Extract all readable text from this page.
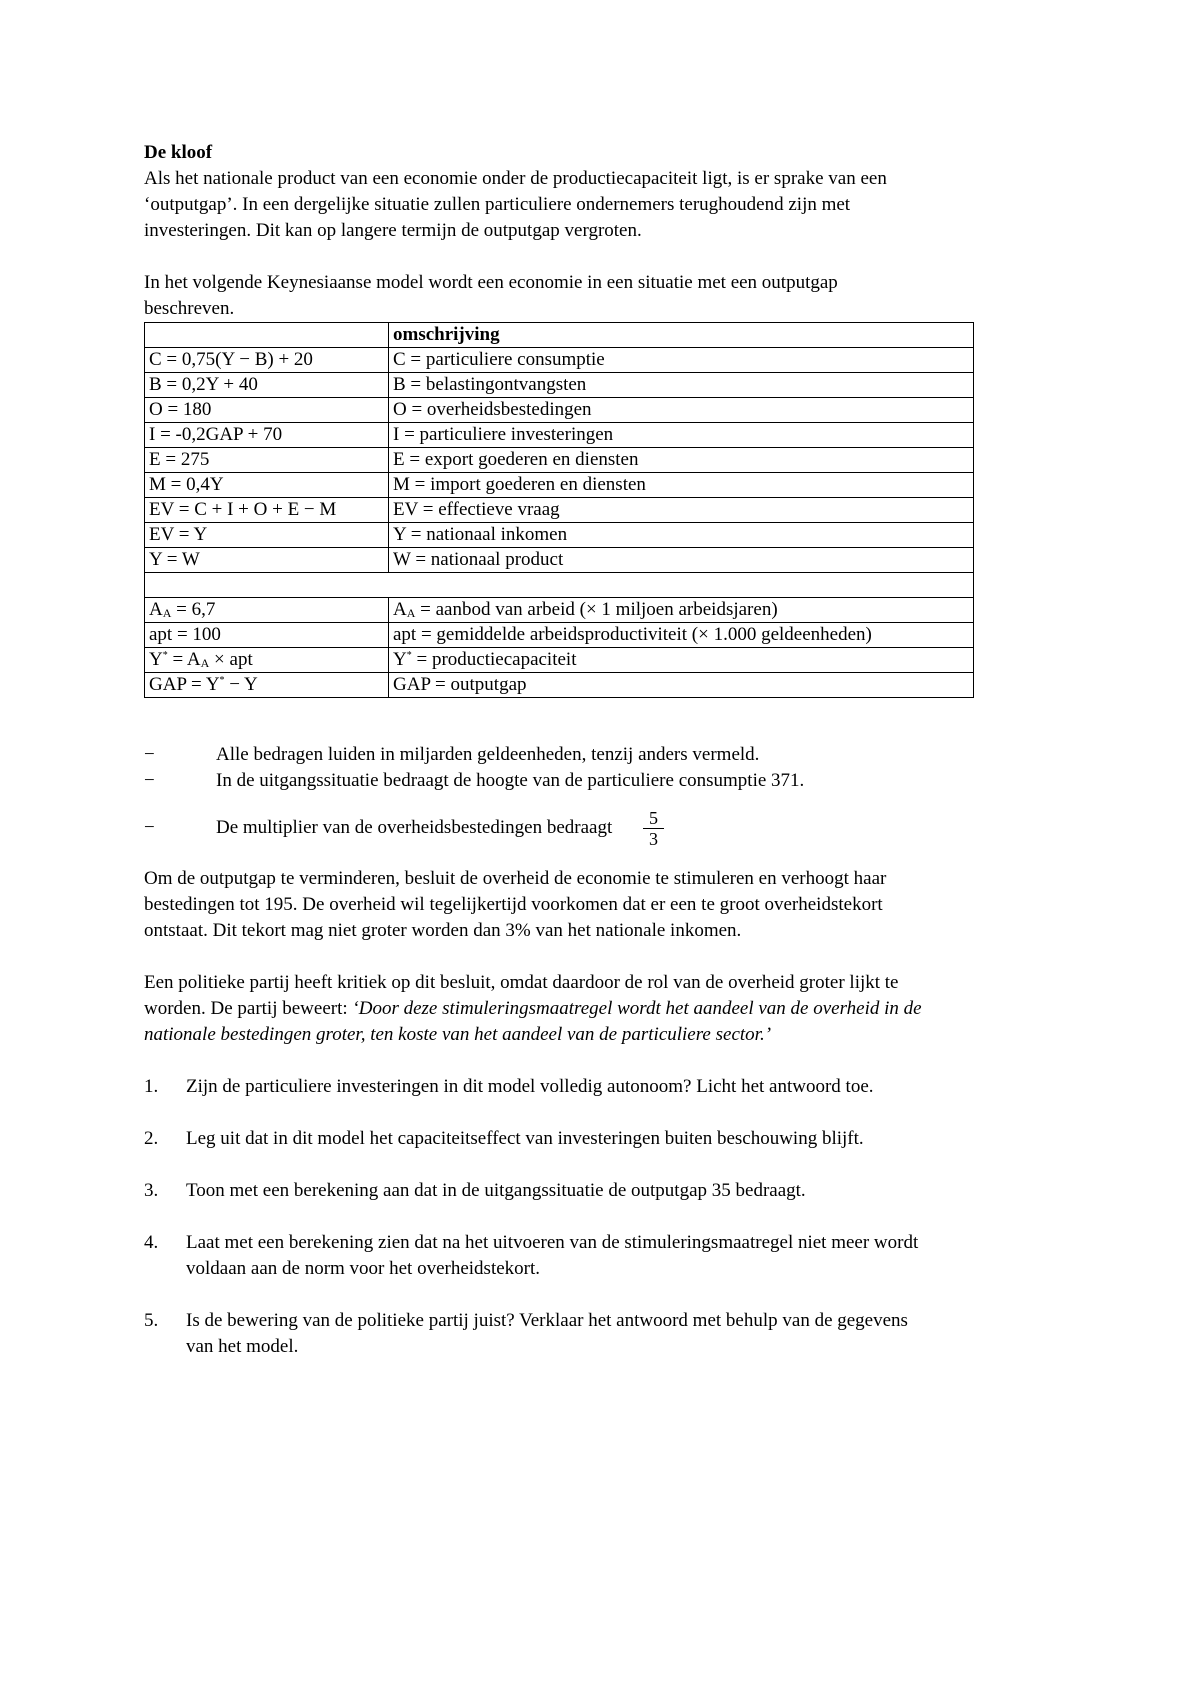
De kloof

Als het nationale product van een economie onder de productiecapaciteit ligt, is er sprake van een

‘outputgap’. In een dergelijke situatie zullen particuliere ondernemers terughoudend zijn met

investeringen. Dit kan op langere termijn de outputgap vergroten.

In het volgende Keynesiaanse model wordt een economie in een situatie met een outputgap

beschreven.

	omschrijving
C = 0,75(Y − B) + 20	C = particuliere consumptie
B = 0,2Y + 40	B = belastingontvangsten
O = 180	O = overheidsbestedingen
I = -0,2GAP + 70	I = particuliere investeringen
E = 275	E = export goederen en diensten
M = 0,4Y	M = import goederen en diensten
EV = C + I + O + E − M	EV = effectieve vraag
EV = Y	Y = nationaal inkomen
Y = W	W = nationaal product

$A_A = 6,7$	$A_A$ = aanbod van arbeid (× 1 miljoen arbeidsjaren)
apt = 100	apt = gemiddelde arbeidsproductiviteit (× 1.000 geldeenheden)
$Y^* = A_A$ × apt	Y* = productiecapaciteit
GAP = Y* − Y	GAP = outputgap
−	Alle bedragen luiden in miljarden geldeenheden, tenzij anders vermeld.
−	In de uitgangssituatie bedraagt de hoogte van de particuliere consumptie 371.
−	De multiplier van de overheidsbestedingen bedraagt $\frac{5}{3}$

Om de outputgap te verminderen, besluit de overheid de economie te stimuleren en verhoogt haar

bestedingen tot 195. De overheid wil tegelijkertijd voorkomen dat er een te groot overheidstekort

ontstaat. Dit tekort mag niet groter worden dan 3% van het nationale inkomen.

Een politieke partij heeft kritiek op dit besluit, omdat daardoor de rol van de overheid groter lijkt te

worden. De partij beweert: ‘Door deze stimuleringsmaatregel wordt het aandeel van de overheid in de

nationale bestedingen groter, ten koste van het aandeel van de particuliere sector.’

1.	Zijn de particuliere investeringen in dit model volledig autonoom? Licht het antwoord toe.
2.	Leg uit dat in dit model het capaciteitseffect van investeringen buiten beschouwing blijft.
3.	Toon met een berekening aan dat in de uitgangssituatie de outputgap 35 bedraagt.
4.	Laat met een berekening zien dat na het uitvoeren van de stimuleringsmaatregel niet meer wordt
voldaan aan de norm voor het overheidstekort.
5.	Is de bewering van de politieke partij juist? Verklaar het antwoord met behulp van de gegevens
van het model.
